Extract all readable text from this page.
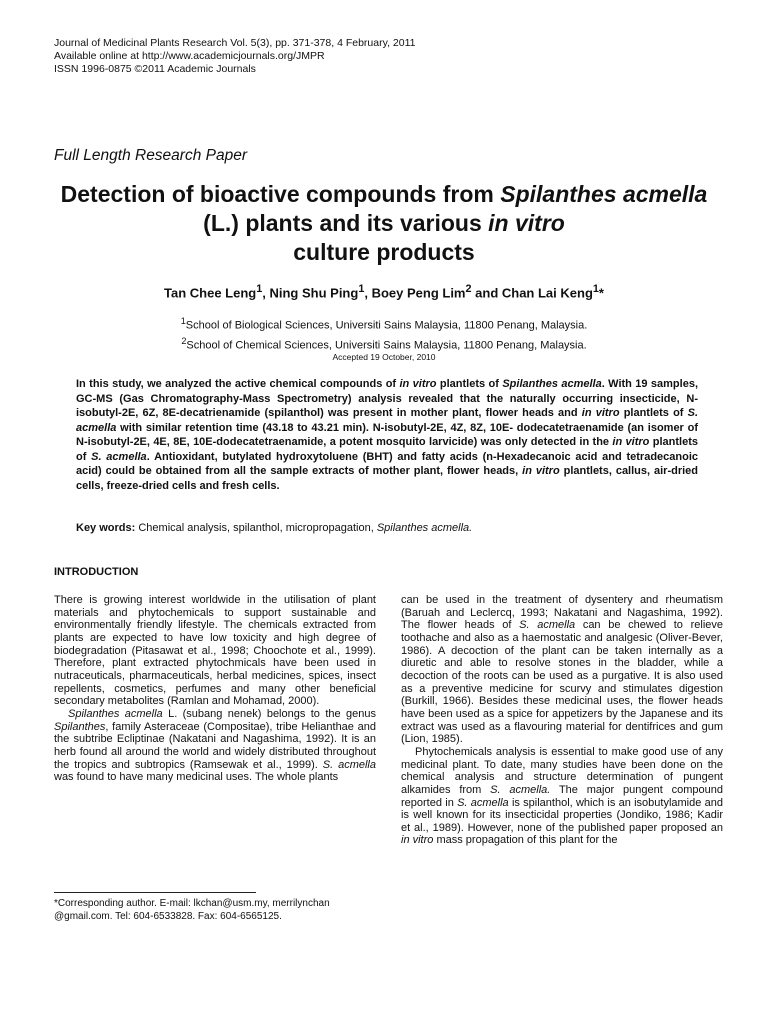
Journal of Medicinal Plants Research Vol. 5(3), pp. 371-378, 4 February, 2011
Available online at http://www.academicjournals.org/JMPR
ISSN 1996-0875 ©2011 Academic Journals
Full Length Research Paper
Detection of bioactive compounds from Spilanthes acmella (L.) plants and its various in vitro
culture products
Tan Chee Leng$^1$, Ning Shu Ping$^1$, Boey Peng Lim$^2$ and Chan Lai Keng$^1$*
$^1$School of Biological Sciences, Universiti Sains Malaysia, 11800 Penang, Malaysia.
$^2$School of Chemical Sciences, Universiti Sains Malaysia, 11800 Penang, Malaysia.
Accepted 19 October, 2010
In this study, we analyzed the active chemical compounds of in vitro plantlets of Spilanthes acmella. With 19 samples, GC-MS (Gas Chromatography-Mass Spectrometry) analysis revealed that the naturally occurring insecticide, N-isobutyl-2E, 6Z, 8E-decatrienamide (spilanthol) was present in mother plant, flower heads and in vitro plantlets of S. acmella with similar retention time (43.18 to 43.21 min). N-isobutyl-2E, 4Z, 8Z, 10E- dodecatetraenamide (an isomer of N-isobutyl-2E, 4E, 8E, 10E-dodecatetraenamide, a potent mosquito larvicide) was only detected in the in vitro plantlets of S. acmella. Antioxidant, butylated hydroxytoluene (BHT) and fatty acids (n-Hexadecanoic acid and tetradecanoic acid) could be obtained from all the sample extracts of mother plant, flower heads, in vitro plantlets, callus, air-dried cells, freeze-dried cells and fresh cells.
Key words: Chemical analysis, spilanthol, micropropagation, Spilanthes acmella.
INTRODUCTION

There is growing interest worldwide in the utilisation of plant materials and phytochemicals to support sustainable and environmentally friendly lifestyle. The chemicals extracted from plants are expected to have low toxicity and high degree of biodegradation (Pitasawat et al., 1998; Choochote et al., 1999). Therefore, plant extracted phytochmicals have been used in nutraceuticals, pharmaceuticals, herbal medicines, spices, insect repellents, cosmetics, perfumes and many other beneficial secondary metabolites (Ramlan and Mohamad, 2000).

Spilanthes acmella L. (subang nenek) belongs to the genus Spilanthes, family Asteraceae (Compositae), tribe Helianthae and the subtribe Ecliptinae (Nakatani and Nagashima, 1992). It is an herb found all around the world and widely distributed throughout the tropics and subtropics (Ramsewak et al., 1999). S. acmella was found to have many medicinal uses. The whole plants

can be used in the treatment of dysentery and rheumatism (Baruah and Leclercq, 1993; Nakatani and Nagashima, 1992). The flower heads of S. acmella can be chewed to relieve toothache and also as a haemostatic and analgesic (Oliver-Bever, 1986). A decoction of the plant can be taken internally as a diuretic and able to resolve stones in the bladder, while a decoction of the roots can be used as a purgative. It is also used as a preventive medicine for scurvy and stimulates digestion (Burkill, 1966). Besides these medicinal uses, the flower heads have been used as a spice for appetizers by the Japanese and its extract was used as a flavouring material for dentifrices and gum (Lion, 1985).

Phytochemicals analysis is essential to make good use of any medicinal plant. To date, many studies have been done on the chemical analysis and structure determination of pungent alkamides from S. acmella. The major pungent compound reported in S. acmella is spilanthol, which is an isobutylamide and is well known for its insecticidal properties (Jondiko, 1986; Kadir et al., 1989). However, none of the published paper proposed an in vitro mass propagation of this plant for the

*Corresponding author. E-mail: lkchan@usm.my, merrilynchan @gmail.com. Tel: 604-6533828. Fax: 604-6565125.
